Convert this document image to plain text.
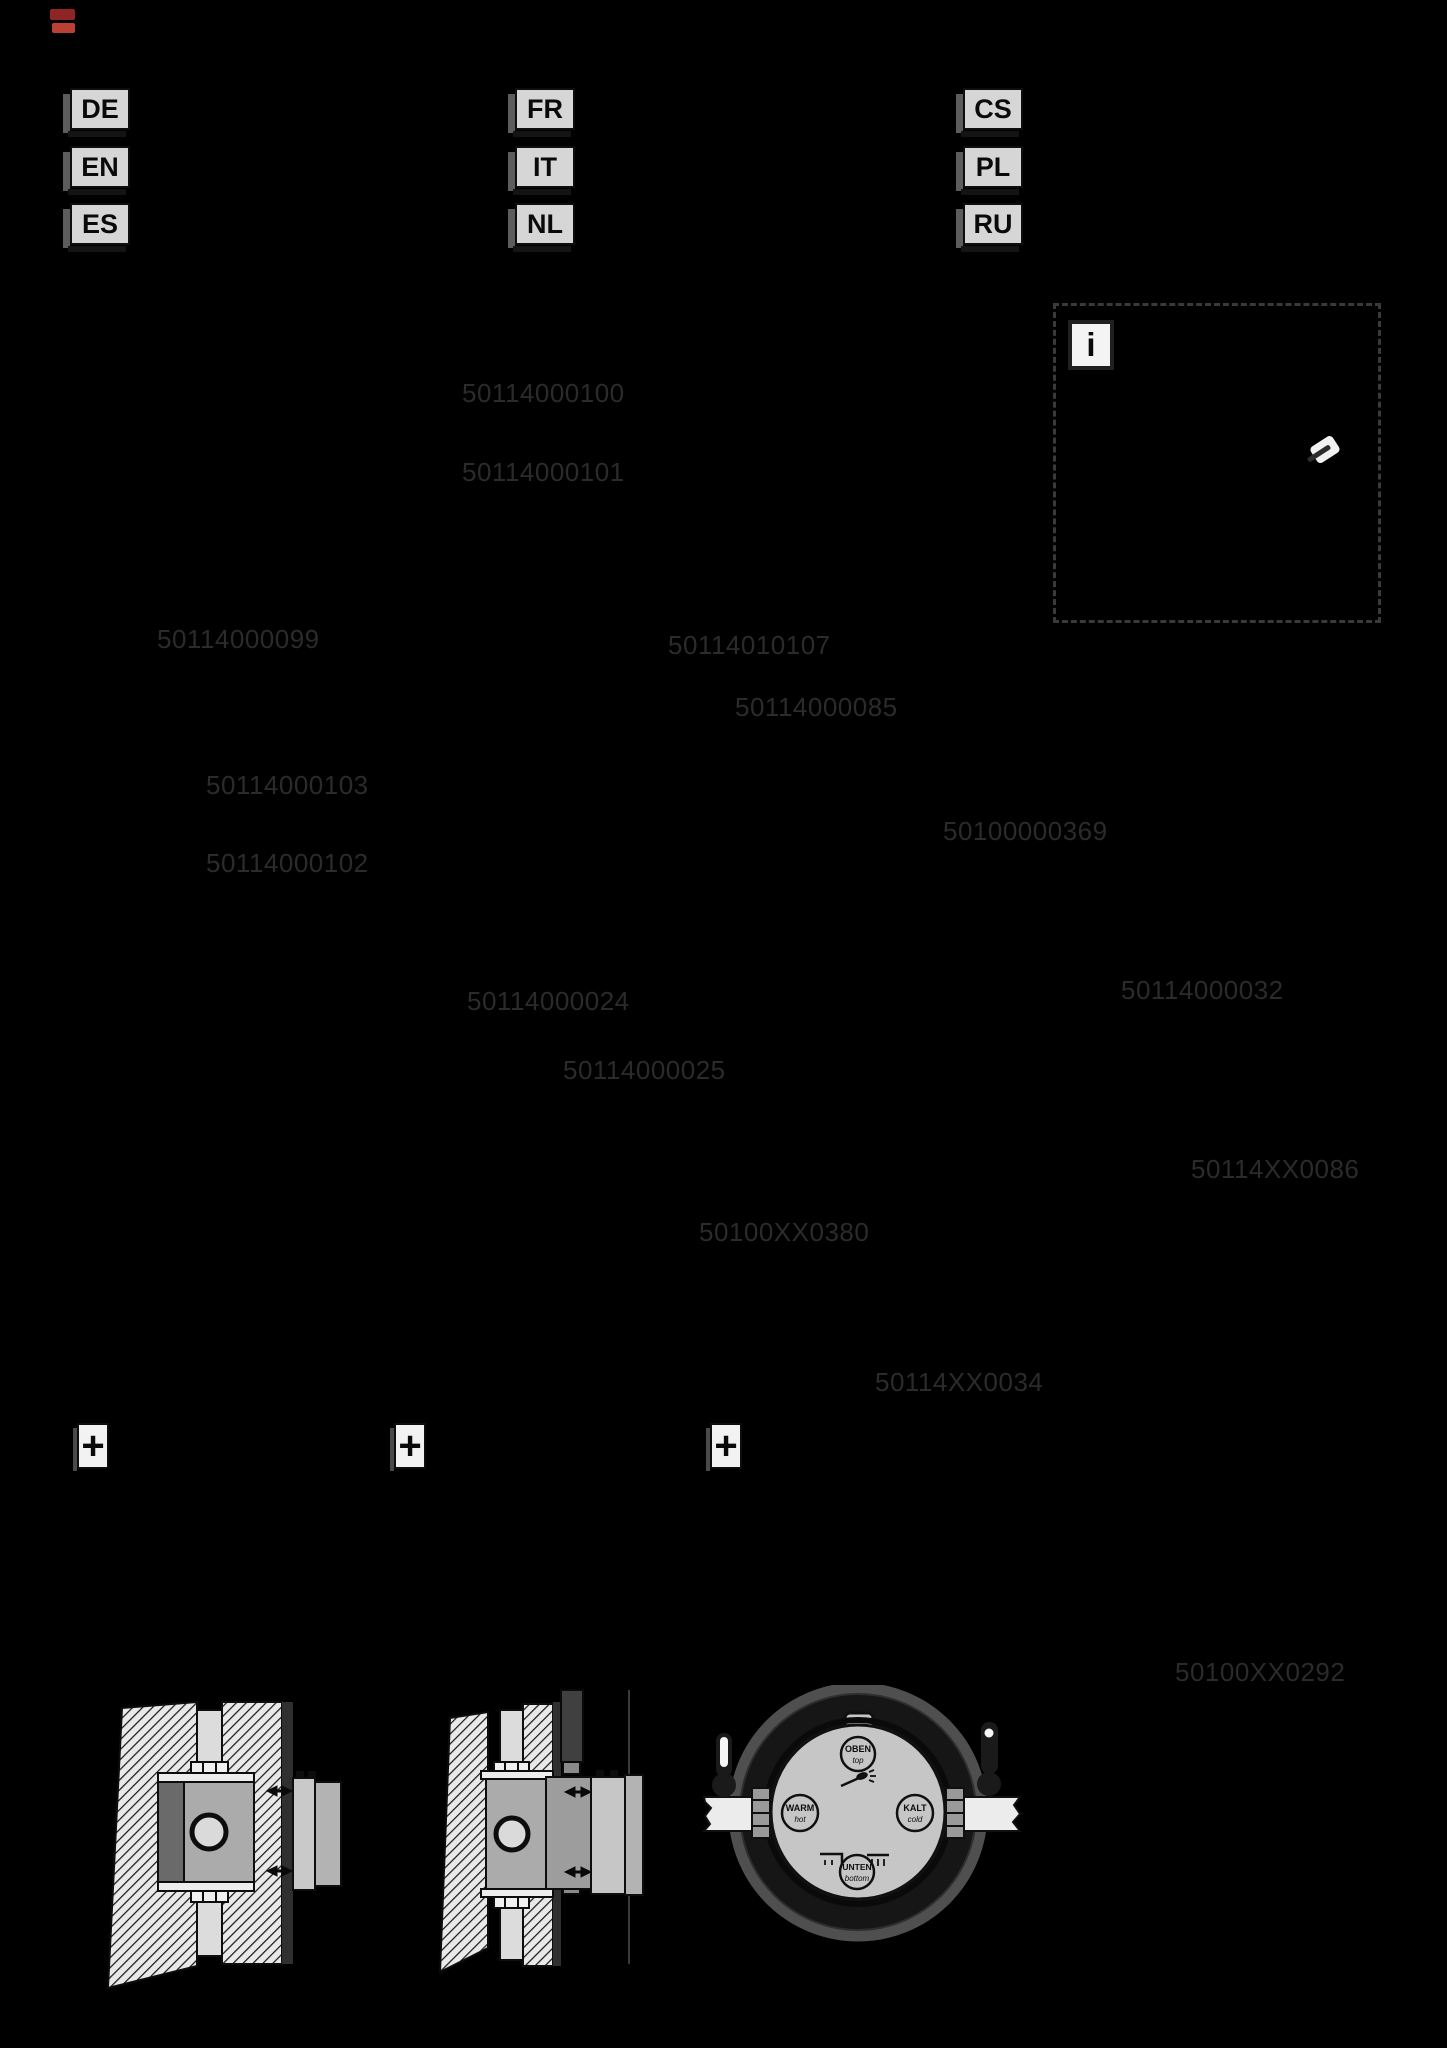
DE
EN
ES
FR
IT
NL
CS
PL
RU
i
50114000100
50114000101
50114000099	50114010107
50114000085
50114000103
50100000369
50114000102
50114000024	50114000032
50114000025
50114XX0086
50100XX0380
50114XX0034
50100XX0292
+	+	+
OBEN
top
WARM
hot
KALT
cold
UNTEN
bottom
